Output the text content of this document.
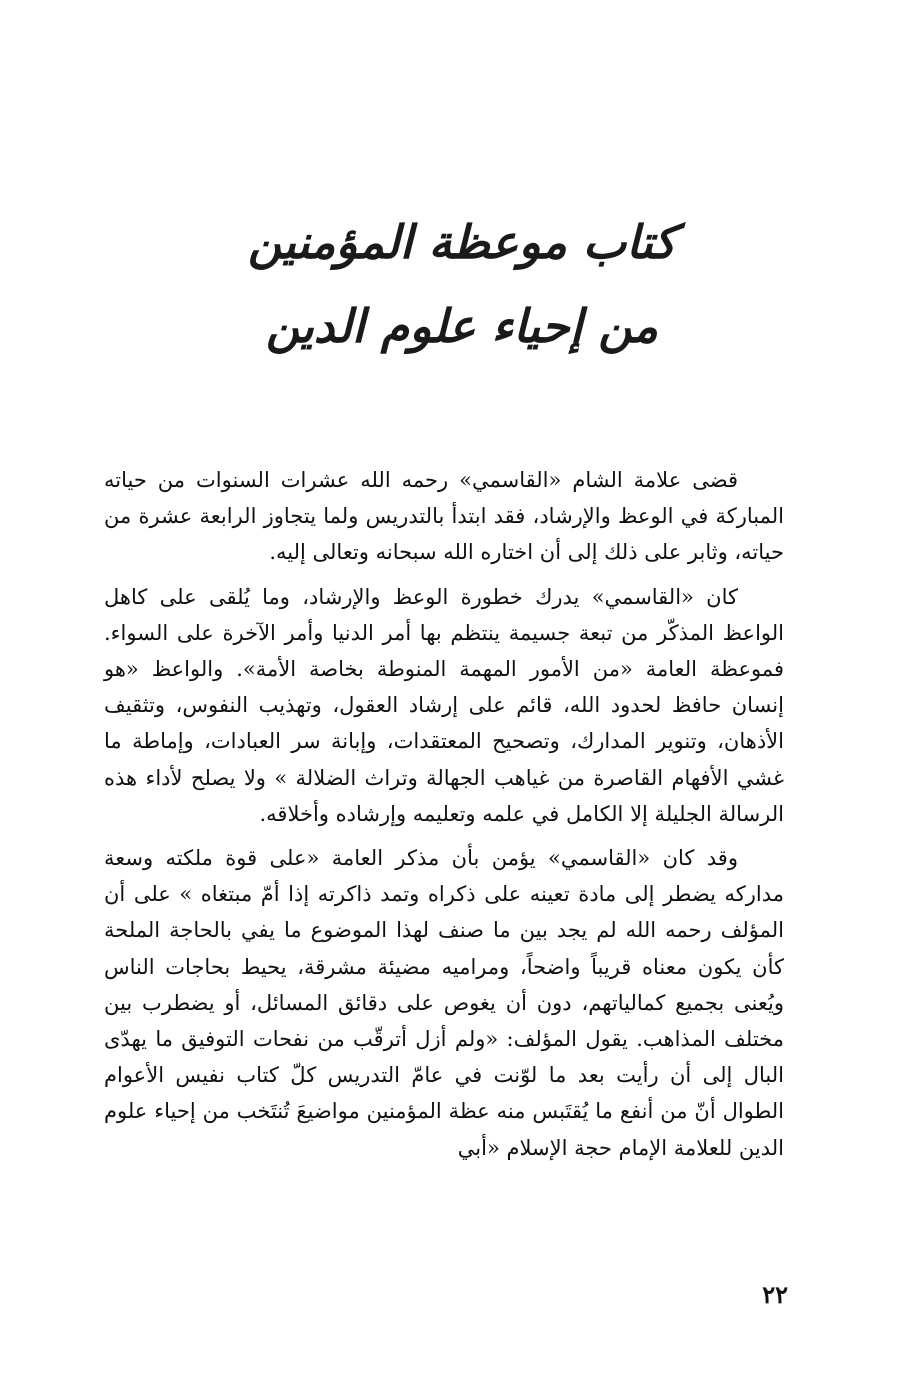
كتاب موعظة المؤمنين
من إحياء علوم الدين

قضى علامة الشام «القاسمي» رحمه الله عشرات السنوات من حياته المباركة في الوعظ والإرشاد، فقد ابتدأ بالتدريس ولما يتجاوز الرابعة عشرة من حياته، وثابر على ذلك إلى أن اختاره الله سبحانه وتعالى إليه.

كان «القاسمي» يدرك خطورة الوعظ والإرشاد، وما يُلقى على كاهل الواعظ المذكّر من تبعة جسيمة ينتظم بها أمر الدنيا وأمر الآخرة على السواء. فموعظة العامة «من الأمور المهمة المنوطة بخاصة الأمة». والواعظ «هو إنسان حافظ لحدود الله، قائم على إرشاد العقول، وتهذيب النفوس، وتثقيف الأذهان، وتنوير المدارك، وتصحيح المعتقدات، وإبانة سر العبادات، وإماطة ما غشي الأفهام القاصرة من غياهب الجهالة وتراث الضلالة » ولا يصلح لأداء هذه الرسالة الجليلة إلا الكامل في علمه وتعليمه وإرشاده وأخلاقه.

وقد كان «القاسمي» يؤمن بأن مذكر العامة «على قوة ملكته وسعة مداركه يضطر إلى مادة تعينه على ذكراه وتمد ذاكرته إذا أمّ مبتغاه » على أن المؤلف رحمه الله لم يجد بين ما صنف لهذا الموضوع ما يفي بالحاجة الملحة كأن يكون معناه قريباً واضحاً، ومراميه مضيئة مشرقة، يحيط بحاجات الناس ويُعنى بجميع كمالياتهم، دون أن يغوص على دقائق المسائل، أو يضطرب بين مختلف المذاهب. يقول المؤلف: «ولم أزل أترقّب من نفحات التوفيق ما يهدّى البال إلى أن رأيت بعد ما لوّنت في عامّ التدريس كلّ كتاب نفيس الأعوام الطوال أنّ من أنفع ما يُقتَبس منه عظة المؤمنين مواضيعَ تُنتَخب من إحياء علوم الدين للعلامة الإمام حجة الإسلام «أبي

٢٢
